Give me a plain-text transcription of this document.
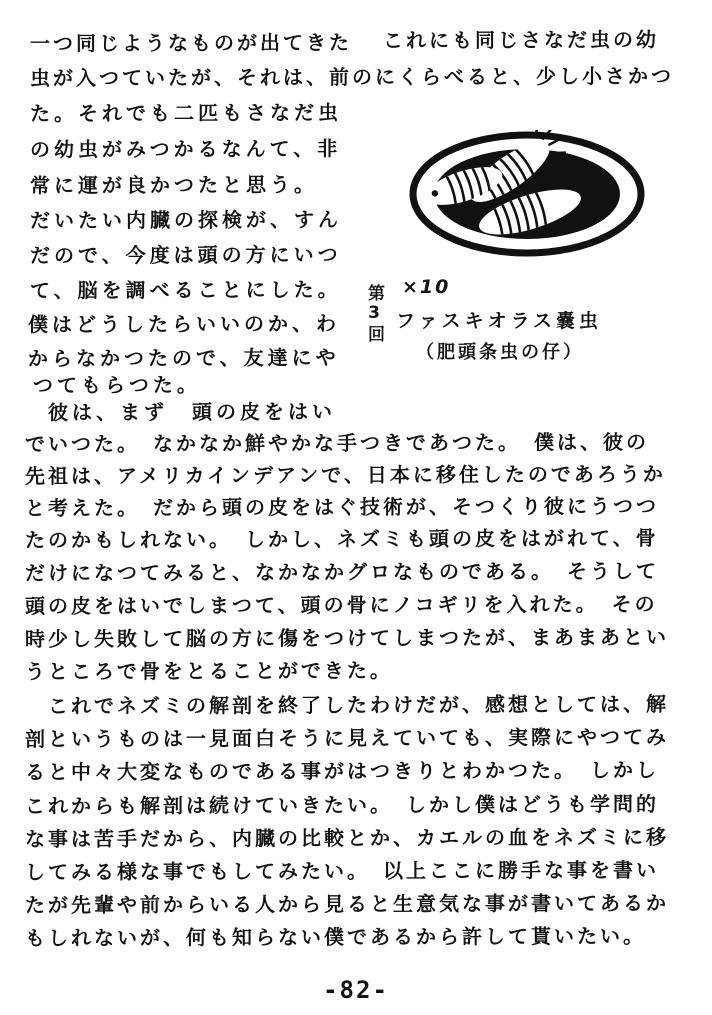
一つ同じようなものが出てきた これにも同じさなだ虫の幼
虫が入つていたが、それは、前のにくらべると、少し小さかつ
た。それでも二匹もさなだ虫
の幼虫がみつかるなんて、非
常に運が良かつたと思う。
だいたい内臓の探検が、すん
だので、今度は頭の方にいつ
て、脳を調べることにした。
僕はどうしたらいいのか、わ
からなかつたので、友達にや
つてもらつた。
彼は、まず　頭の皮をはい
でいつた。　なかなか鮮やかな手つきであつた。　僕は、彼の
先祖は、アメリカインデアンで、日本に移住したのであろうか
と考えた。　だから頭の皮をはぐ技術が、そつくり彼にうつつ
たのかもしれない。　しかし、ネズミも頭の皮をはがれて、骨
だけになつてみると、なかなかグロなものである。　そうして
頭の皮をはいでしまつて、頭の骨にノコギリを入れた。　その
時少し失敗して脳の方に傷をつけてしまつたが、まあまあとい
うところで骨をとることができた。
これでネズミの解剖を終了したわけだが、感想としては、解
剖というものは一見面白そうに見えていても、実際にやつてみ
ると中々大変なものである事がはつきりとわかつた。　しかし
これからも解剖は続けていきたい。　しかし僕はどうも学問的
な事は苦手だから、内臓の比較とか、カエルの血をネズミに移
してみる様な事でもしてみたい。　以上ここに勝手な事を書い
たが先輩や前からいる人から見ると生意気な事が書いてあるか
もしれないが、何も知らない僕であるから許して貰いたい。
第3回 ×10
ファスキオラス嚢虫
（肥頭条虫の仔）
-82-
